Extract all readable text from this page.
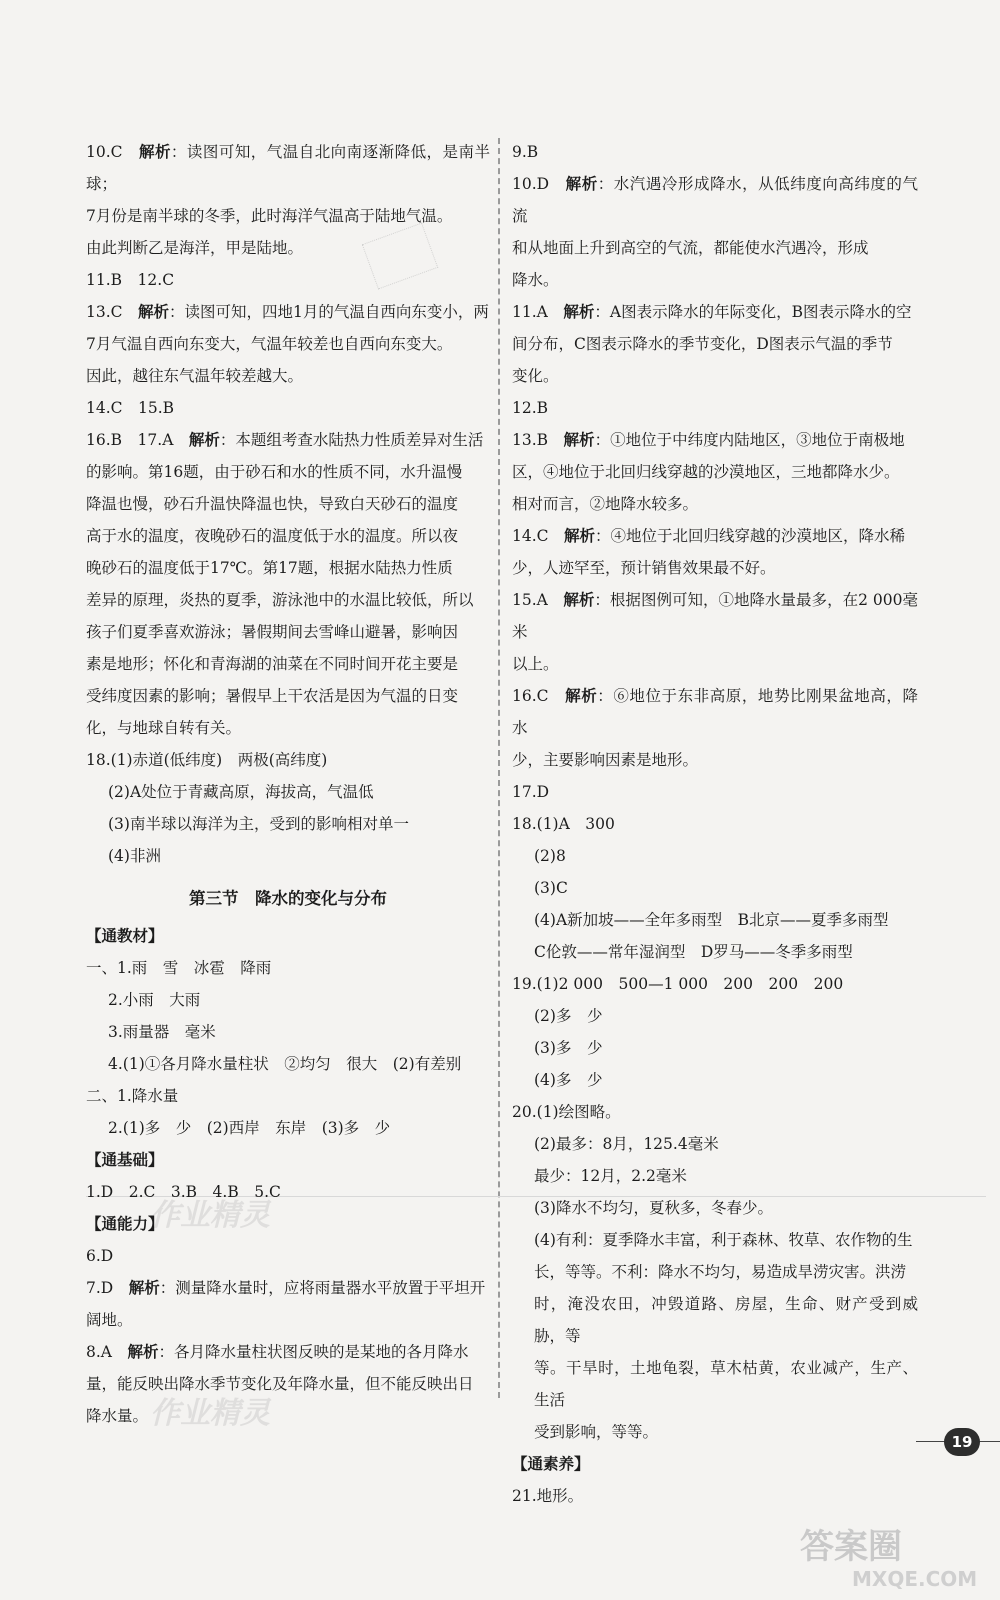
10.C　解析：读图可知，气温自北向南逐渐降低，是南半球；
7月份是南半球的冬季，此时海洋气温高于陆地气温。
由此判断乙是海洋，甲是陆地。
11.B　12.C
13.C　解析：读图可知，四地1月的气温自西向东变小，两
7月气温自西向东变大，气温年较差也自西向东变大。
因此，越往东气温年较差越大。
14.C　15.B
16.B　17.A　解析：本题组考查水陆热力性质差异对生活
的影响。第16题，由于砂石和水的性质不同，水升温慢
降温也慢，砂石升温快降温也快，导致白天砂石的温度
高于水的温度，夜晚砂石的温度低于水的温度。所以夜
晚砂石的温度低于17℃。第17题，根据水陆热力性质
差异的原理，炎热的夏季，游泳池中的水温比较低，所以
孩子们夏季喜欢游泳；暑假期间去雪峰山避暑，影响因
素是地形；怀化和青海湖的油菜在不同时间开花主要是
受纬度因素的影响；暑假早上干农活是因为气温的日变
化，与地球自转有关。
18.(1)赤道(低纬度)　两极(高纬度)
(2)A处位于青藏高原，海拔高，气温低
(3)南半球以海洋为主，受到的影响相对单一
(4)非洲
第三节　降水的变化与分布
【通教材】
一、1.雨　雪　冰雹　降雨
2.小雨　大雨
3.雨量器　毫米
4.(1)①各月降水量柱状　②均匀　很大　(2)有差别
二、1.降水量
2.(1)多　少　(2)西岸　东岸　(3)多　少
【通基础】
1.D　2.C　3.B　4.B　5.C
【通能力】
6.D
7.D　解析：测量降水量时，应将雨量器水平放置于平坦开
阔地。
8.A　解析：各月降水量柱状图反映的是某地的各月降水
量，能反映出降水季节变化及年降水量，但不能反映出日
降水量。
9.B
10.D　解析：水汽遇冷形成降水，从低纬度向高纬度的气流
和从地面上升到高空的气流，都能使水汽遇冷，形成
降水。
11.A　解析：A图表示降水的年际变化，B图表示降水的空
间分布，C图表示降水的季节变化，D图表示气温的季节
变化。
12.B
13.B　解析：①地位于中纬度内陆地区，③地位于南极地
区，④地位于北回归线穿越的沙漠地区，三地都降水少。
相对而言，②地降水较多。
14.C　解析：④地位于北回归线穿越的沙漠地区，降水稀
少，人迹罕至，预计销售效果最不好。
15.A　解析：根据图例可知，①地降水量最多，在2 000毫米
以上。
16.C　解析：⑥地位于东非高原，地势比刚果盆地高，降水
少，主要影响因素是地形。
17.D
18.(1)A　300
(2)8
(3)C
(4)A新加坡——全年多雨型　B北京——夏季多雨型
C伦敦——常年湿润型　D罗马——冬季多雨型
19.(1)2 000　500—1 000　200　200　200
(2)多　少
(3)多　少
(4)多　少
20.(1)绘图略。
(2)最多：8月，125.4毫米
最少：12月，2.2毫米
(3)降水不均匀，夏秋多，冬春少。
(4)有利：夏季降水丰富，利于森林、牧草、农作物的生
长，等等。不利：降水不均匀，易造成旱涝灾害。洪涝
时，淹没农田，冲毁道路、房屋，生命、财产受到威胁，等
等。干旱时，土地龟裂，草木枯黄，农业减产，生产、生活
受到影响，等等。
【通素养】
21.地形。
作业精灵
作业精灵
19
答案圈
MXQE.COM
